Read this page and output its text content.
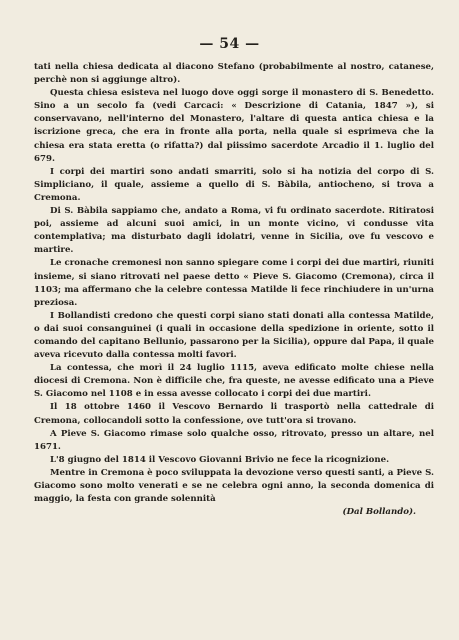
— 54 —

tati nella chiesa dedicata al diacono Stefano (probabilmente al nostro, catanese, perchè non si aggiunge altro).

Questa chiesa esisteva nel luogo dove oggi sorge il monastero di S. Benedetto. Sino a un secolo fa (vedi Carcaci: « Descrizione di Catania, 1847 »), si conservavano, nell'interno del Monastero, l'altare di questa antica chiesa e la iscrizione greca, che era in fronte alla porta, nella quale si esprimeva che la chiesa era stata eretta (o rifatta?) dal piissimo sacerdote Arcadio il 1. luglio del 679.

I corpi dei martiri sono andati smarriti, solo si ha notizia del corpo di S. Simpliciano, il quale, assieme a quello di S. Bàbila, antiocheno, si trova a Cremona.

Di S. Bàbila sappiamo che, andato a Roma, vi fu ordinato sacerdote. Ritiratosi poi, assieme ad alcuni suoi amici, in un monte vicino, vi condusse vita contemplativa; ma disturbato dagli idolatri, venne in Sicilia, ove fu vescovo e martire.

Le cronache cremonesi non sanno spiegare come i corpi dei due martiri, riuniti insieme, si siano ritrovati nel paese detto « Pieve S. Giacomo (Cremona), circa il 1103; ma affermano che la celebre contessa Matilde li fece rinchiudere in un'urna preziosa.

I Bollandisti credono che questi corpi siano stati donati alla contessa Matilde, o dai suoi consanguinei (i quali in occasione della spedizione in oriente, sotto il comando del capitano Bellunio, passarono per la Sicilia), oppure dal Papa, il quale aveva ricevuto dalla contessa molti favori.

La contessa, che morì il 24 luglio 1115, aveva edificato molte chiese nella diocesi di Cremona. Non è difficile che, fra queste, ne avesse edificato una a Pieve S. Giacomo nel 1108 e in essa avesse collocato i corpi dei due martiri.

Il 18 ottobre 1460 il Vescovo Bernardo li trasportò nella cattedrale di Cremona, collocandoli sotto la confessione, ove tutt'ora si trovano.

A Pieve S. Giacomo rimase solo qualche osso, ritrovato, presso un altare, nel 1671.

L'8 giugno del 1814 il Vescovo Giovanni Brivio ne fece la ricognizione.

Mentre in Cremona è poco sviluppata la devozione verso questi santi, a Pieve S. Giacomo sono molto venerati e se ne celebra ogni anno, la seconda domenica di maggio, la festa con grande solennità

(Dal Bollando).
